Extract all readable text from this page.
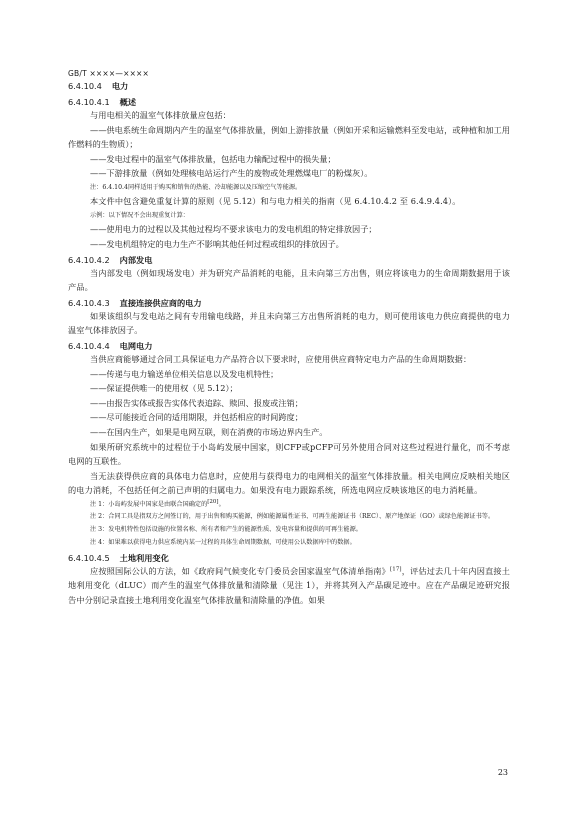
GB/T ××××—××××

6.4.10.4 电力

6.4.10.4.1 概述

与用电相关的温室气体排放量应包括：

——供电系统生命周期内产生的温室气体排放量，例如上游排放量（例如开采和运输燃料至发电站，或种植和加工用作燃料的生物质）；

——发电过程中的温室气体排放量，包括电力输配过程中的损失量；

——下游排放量（例如处理核电站运行产生的废物或处理燃煤电厂的粉煤灰）。

注：6.4.10.4同样适用于购买和销售的热能、冷却能源以及压缩空气等能源。

本文件中包含避免重复计算的原则（见 5.12）和与电力相关的指南（见 6.4.10.4.2 至 6.4.9.4.4）。

示例：以下情况不会出现重复计算：

——使用电力的过程以及其他过程均不要求该电力的发电机组的特定排放因子；

——发电机组特定的电力生产不影响其他任何过程或组织的排放因子。

6.4.10.4.2 内部发电

当内部发电（例如现场发电）并为研究产品消耗的电能，且未向第三方出售，则应将该电力的生命周期数据用于该产品。

6.4.10.4.3 直接连接供应商的电力

如果该组织与发电站之间有专用输电线路，并且未向第三方出售所消耗的电力，则可使用该电力供应商提供的电力温室气体排放因子。

6.4.10.4.4 电网电力

当供应商能够通过合同工具保证电力产品符合以下要求时，应使用供应商特定电力产品的生命周期数据：

——传递与电力输送单位相关信息以及发电机特性；

——保证提供唯一的使用权（见 5.12）；

——由报告实体或报告实体代表追踪、赎回、报废或注销；

——尽可能接近合同的适用期限，并包括相应的时间跨度；

——在国内生产，如果是电网互联，则在消费的市场边界内生产。

如果所研究系统中的过程位于小岛屿发展中国家，则CFP或pCFP可另外使用合同对这些过程进行量化，而不考虑电网的互联性。

当无法获得供应商的具体电力信息时，应使用与获得电力的电网相关的温室气体排放量。相关电网应反映相关地区的电力消耗，不包括任何之前已声明的归属电力。如果没有电力跟踪系统，所选电网应反映该地区的电力消耗量。

注 1：小岛屿发展中国家是由联合国确定的[20]。

注 2：合同工具是指双方之间签订的，用于出售和购买能源，例如能源属性证书、可再生能源证书（REC）、原产地保证（GO）或绿色能源证书等。

注 3：发电机特性包括设施的位置名称、所有者和产生的能源性质、发电容量和提供的可再生能源。

注 4：如果难以获得电力供应系统内某一过程的具体生命周期数据，可使用公认数据库中的数据。

6.4.10.4.5 土地利用变化

应按照国际公认的方法，如《政府间气候变化专门委员会国家温室气体清单指南》[17]，评估过去几十年内因直接土地利用变化（dLUC）而产生的温室气体排放量和清除量（见注 1），并将其列入产品碳足迹中。应在产品碳足迹研究报告中分别记录直接土地利用变化温室气体排放量和清除量的净值。如果

23
